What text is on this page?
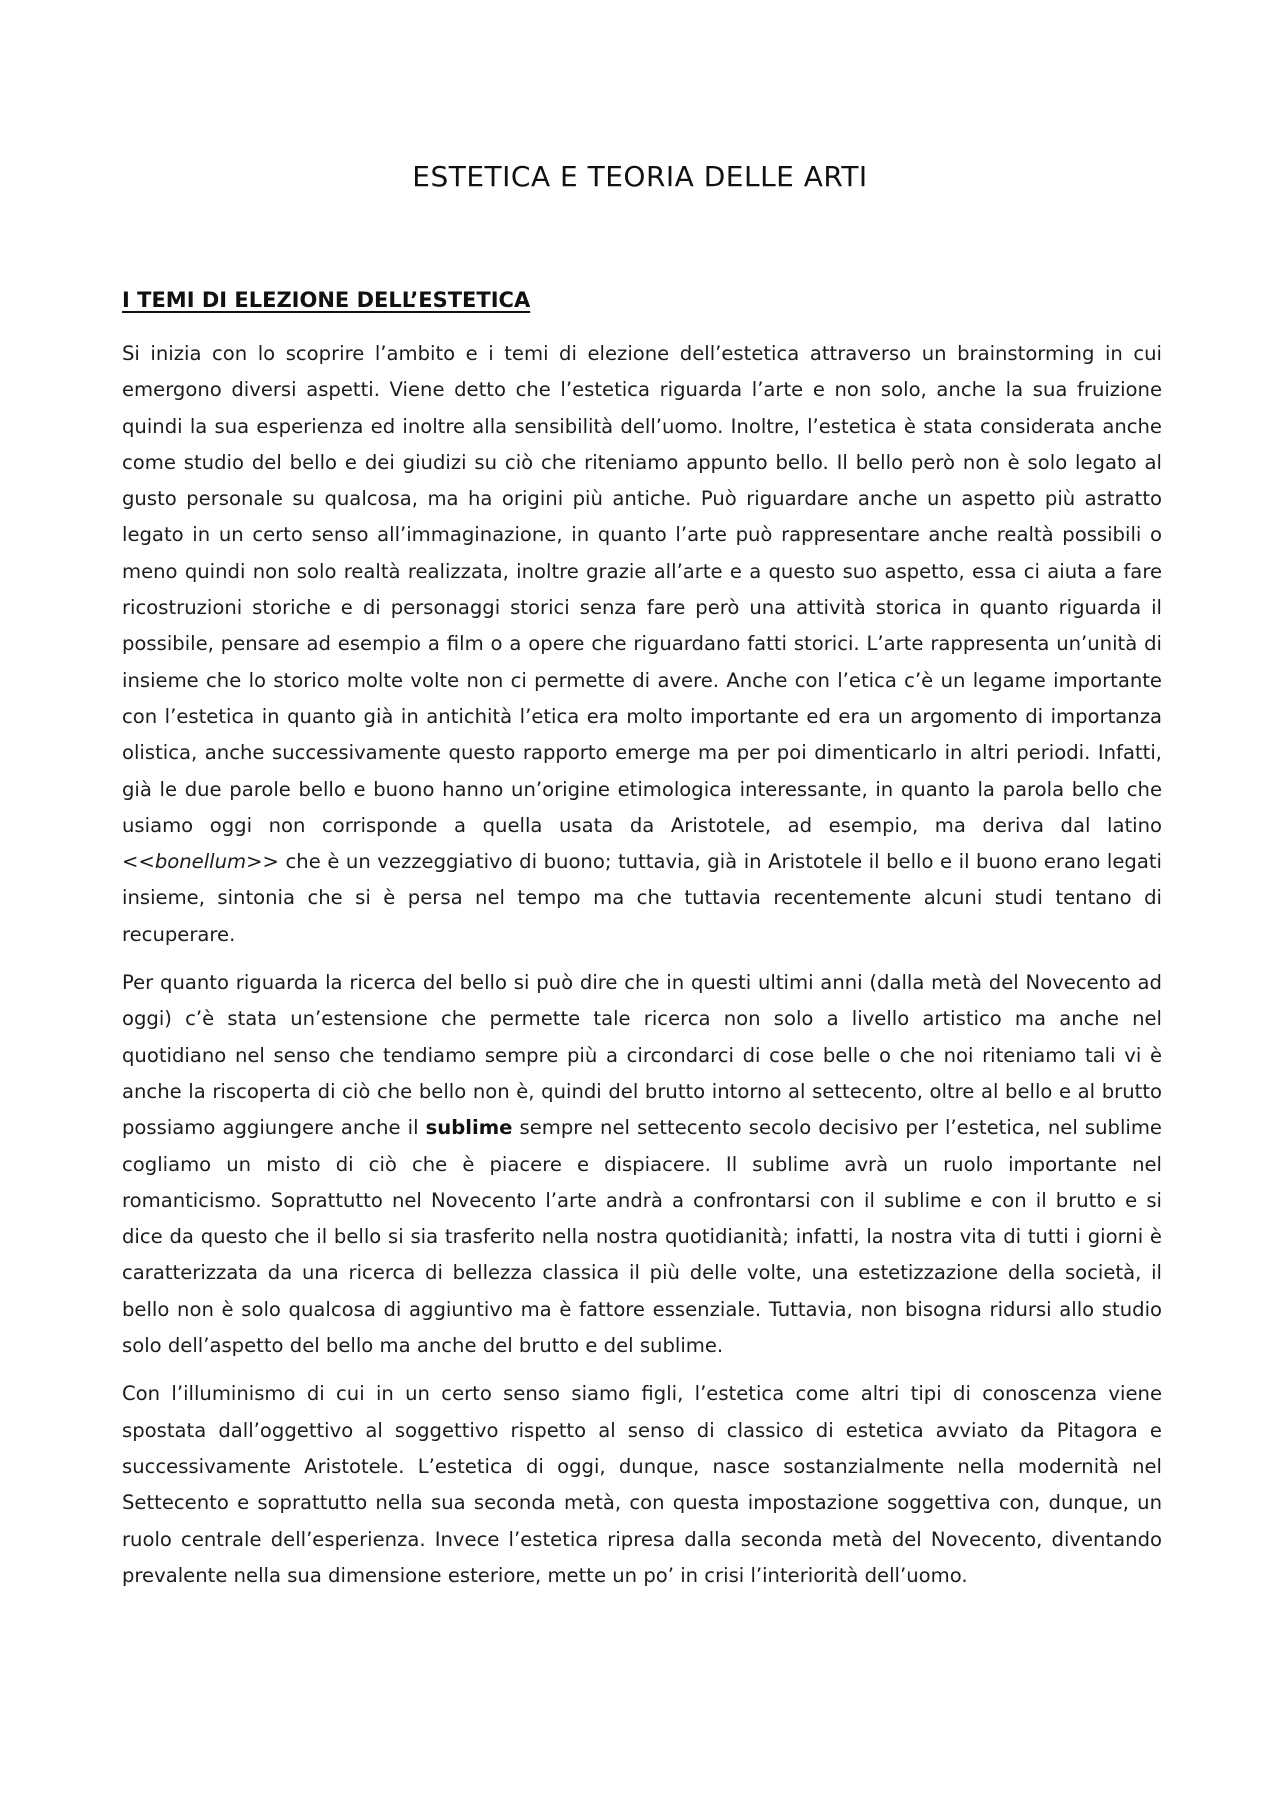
ESTETICA E TEORIA DELLE ARTI
I TEMI DI ELEZIONE DELL’ESTETICA

Si inizia con lo scoprire l’ambito e i temi di elezione dell’estetica attraverso un brainstorming in cui emergono diversi aspetti. Viene detto che l’estetica riguarda l’arte e non solo, anche la sua fruizione quindi la sua esperienza ed inoltre alla sensibilità dell’uomo. Inoltre, l’estetica è stata considerata anche come studio del bello e dei giudizi su ciò che riteniamo appunto bello. Il bello però non è solo legato al gusto personale su qualcosa, ma ha origini più antiche. Può riguardare anche un aspetto più astratto legato in un certo senso all’immaginazione, in quanto l’arte può rappresentare anche realtà possibili o meno quindi non solo realtà realizzata, inoltre grazie all’arte e a questo suo aspetto, essa ci aiuta a fare ricostruzioni storiche e di personaggi storici senza fare però una attività storica in quanto riguarda il possibile, pensare ad esempio a film o a opere che riguardano fatti storici. L’arte rappresenta un’unità di insieme che lo storico molte volte non ci permette di avere. Anche con l’etica c’è un legame importante con l’estetica in quanto già in antichità l’etica era molto importante ed era un argomento di importanza olistica, anche successivamente questo rapporto emerge ma per poi dimenticarlo in altri periodi. Infatti, già le due parole bello e buono hanno un’origine etimologica interessante, in quanto la parola bello che usiamo oggi non corrisponde a quella usata da Aristotele, ad esempio, ma deriva dal latino <<bonellum>> che è un vezzeggiativo di buono; tuttavia, già in Aristotele il bello e il buono erano legati insieme, sintonia che si è persa nel tempo ma che tuttavia recentemente alcuni studi tentano di recuperare.

Per quanto riguarda la ricerca del bello si può dire che in questi ultimi anni (dalla metà del Novecento ad oggi) c’è stata un’estensione che permette tale ricerca non solo a livello artistico ma anche nel quotidiano nel senso che tendiamo sempre più a circondarci di cose belle o che noi riteniamo tali vi è anche la riscoperta di ciò che bello non è, quindi del brutto intorno al settecento, oltre al bello e al brutto possiamo aggiungere anche il sublime sempre nel settecento secolo decisivo per l’estetica, nel sublime cogliamo un misto di ciò che è piacere e dispiacere. Il sublime avrà un ruolo importante nel romanticismo. Soprattutto nel Novecento l’arte andrà a confrontarsi con il sublime e con il brutto e si dice da questo che il bello si sia trasferito nella nostra quotidianità; infatti, la nostra vita di tutti i giorni è caratterizzata da una ricerca di bellezza classica il più delle volte, una estetizzazione della società, il bello non è solo qualcosa di aggiuntivo ma è fattore essenziale. Tuttavia, non bisogna ridursi allo studio solo dell’aspetto del bello ma anche del brutto e del sublime.

Con l’illuminismo di cui in un certo senso siamo figli, l’estetica come altri tipi di conoscenza viene spostata dall’oggettivo al soggettivo rispetto al senso di classico di estetica avviato da Pitagora e successivamente Aristotele. L’estetica di oggi, dunque, nasce sostanzialmente nella modernità nel Settecento e soprattutto nella sua seconda metà, con questa impostazione soggettiva con, dunque, un ruolo centrale dell’esperienza. Invece l’estetica ripresa dalla seconda metà del Novecento, diventando prevalente nella sua dimensione esteriore, mette un po’ in crisi l’interiorità dell’uomo.
